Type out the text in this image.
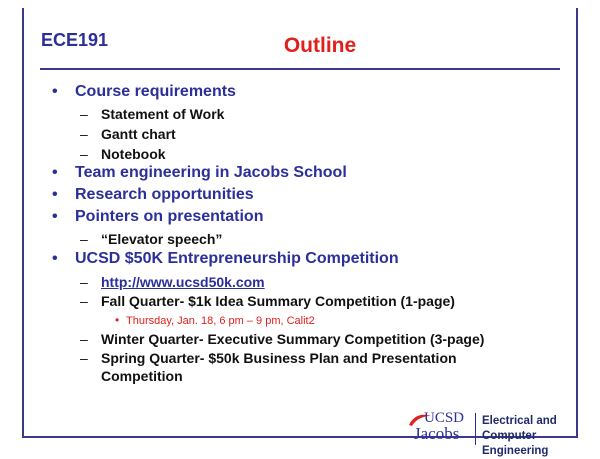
ECE191	Outline
• Course requirements
– Statement of Work
– Gantt chart
– Notebook
• Team engineering in Jacobs School
• Research opportunities
• Pointers on presentation
– “Elevator speech”
• UCSD $50K Entrepreneurship Competition
– http://www.ucsd50k.com
– Fall Quarter- $1k Idea Summary Competition (1-page)
• Thursday, Jan. 18, 6 pm – 9 pm, Calit2
– Winter Quarter- Executive Summary Competition (3-page)
– Spring Quarter- $50k Business Plan and Presentation
Competition
UCSD
Jacobs
Electrical and
Computer Engineering
